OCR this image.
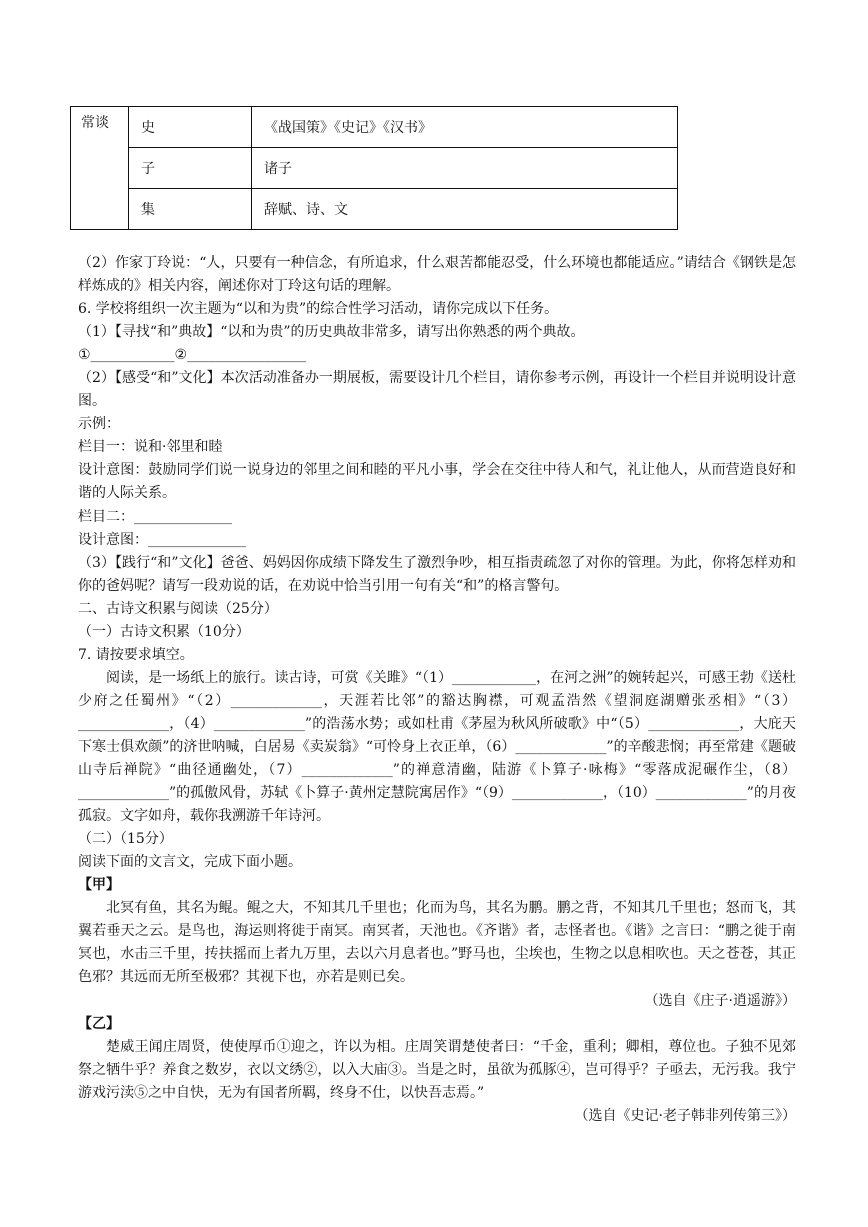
常谈	史	《战国策》《史记》《汉书》
	子	诸子
	集	辞赋、诗、文

（2）作家丁玲说：“人，只要有一种信念，有所追求，什么艰苦都能忍受，什么环境也都能适应。”请结合《钢铁是怎样炼成的》相关内容，阐述你对丁玲这句话的理解。

6. 学校将组织一次主题为“以和为贵”的综合性学习活动，请你完成以下任务。

（1）【寻找“和”典故】“以和为贵”的历史典故非常多，请写出你熟悉的两个典故。

①____________②_________________

（2）【感受“和”文化】本次活动准备办一期展板，需要设计几个栏目，请你参考示例，再设计一个栏目并说明设计意图。

示例：

栏目一：说和·邻里和睦

设计意图：鼓励同学们说一说身边的邻里之间和睦的平凡小事，学会在交往中待人和气，礼让他人，从而营造良好和谐的人际关系。

栏目二：______________

设计意图：______________

（3）【践行“和”文化】爸爸、妈妈因你成绩下降发生了激烈争吵，相互指责疏忽了对你的管理。为此，你将怎样劝和你的爸妈呢？请写一段劝说的话，在劝说中恰当引用一句有关“和”的格言警句。

二、古诗文积累与阅读（25分）

（一）古诗文积累（10分）

7. 请按要求填空。

阅读，是一场纸上的旅行。读古诗，可赏《关雎》“（1）____________，在河之洲”的婉转起兴，可感王勃《送杜少府之任蜀州》“（2）_____________，天涯若比邻”的豁达胸襟，可观孟浩然《望洞庭湖赠张丞相》“（3）_____________，（4）_____________”的浩荡水势；或如杜甫《茅屋为秋风所破歌》中“（5）_____________，大庇天下寒士俱欢颜”的济世呐喊，白居易《卖炭翁》“可怜身上衣正单，（6）_____________”的辛酸悲悯；再至常建《题破山寺后禅院》“曲径通幽处，（7）_____________”的禅意清幽，陆游《卜算子·咏梅》“零落成泥碾作尘，（8）_____________”的孤傲风骨，苏轼《卜算子·黄州定慧院寓居作》“（9）_____________，（10）_____________”的月夜孤寂。文字如舟，载你我溯游千年诗河。

（二）（15分）

阅读下面的文言文，完成下面小题。

【甲】

北冥有鱼，其名为鲲。鲲之大，不知其几千里也；化而为鸟，其名为鹏。鹏之背，不知其几千里也；怒而飞，其翼若垂天之云。是鸟也，海运则将徙于南冥。南冥者，天池也。《齐谐》者，志怪者也。《谐》之言曰：“鹏之徙于南冥也，水击三千里，抟扶摇而上者九万里，去以六月息者也。”野马也，尘埃也，生物之以息相吹也。天之苍苍，其正色邪？其远而无所至极邪？其视下也，亦若是则已矣。

（选自《庄子·逍遥游》）

【乙】

楚威王闻庄周贤，使使厚币①迎之，许以为相。庄周笑谓楚使者曰：“千金，重利；卿相，尊位也。子独不见郊祭之牺牛乎？养食之数岁，衣以文绣②，以入大庙③。当是之时，虽欲为孤豚④，岂可得乎？子亟去，无污我。我宁游戏污渎⑤之中自快，无为有国者所羁，终身不仕，以快吾志焉。”

（选自《史记·老子韩非列传第三》）
